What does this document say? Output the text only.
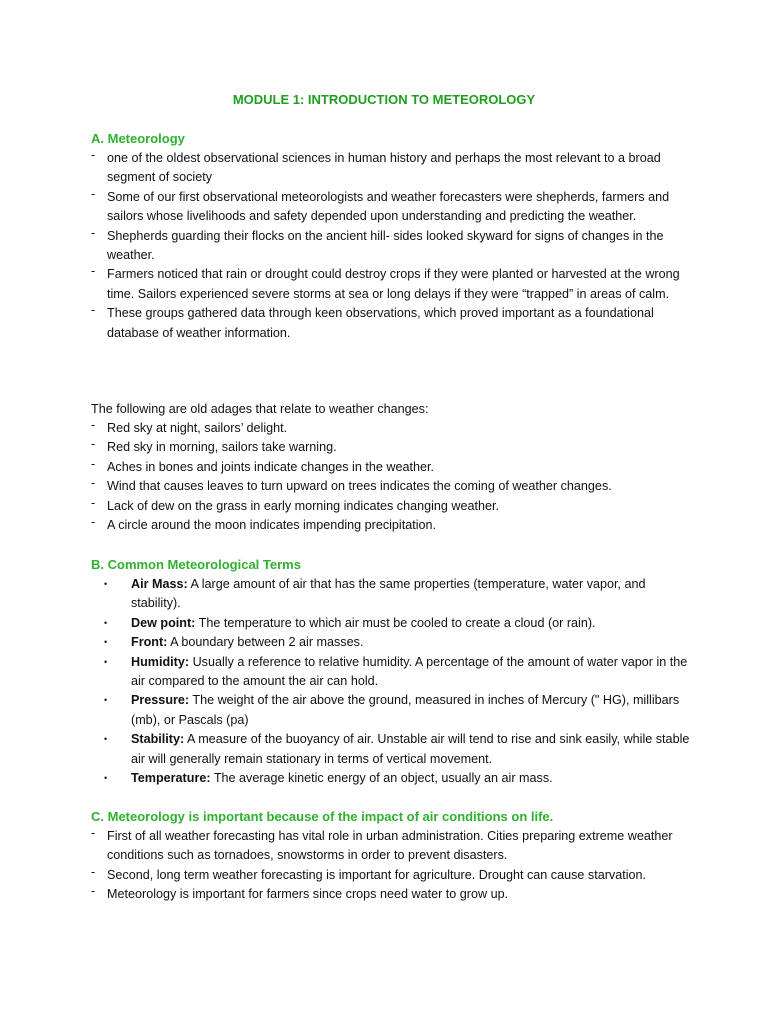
MODULE 1: INTRODUCTION TO METEOROLOGY
A. Meteorology
- one of the oldest observational sciences in human history and perhaps the most relevant to a broad segment of society
- Some of our first observational meteorologists and weather forecasters were shepherds, farmers and sailors whose livelihoods and safety depended upon understanding and predicting the weather.
- Shepherds guarding their flocks on the ancient hill- sides looked skyward for signs of changes in the weather.
- Farmers noticed that rain or drought could destroy crops if they were planted or harvested at the wrong time. Sailors experienced severe storms at sea or long delays if they were “trapped” in areas of calm.
- These groups gathered data through keen observations, which proved important as a foundational database of weather information.
The following are old adages that relate to weather changes:
- Red sky at night, sailors’ delight.
- Red sky in morning, sailors take warning.
- Aches in bones and joints indicate changes in the weather.
- Wind that causes leaves to turn upward on trees indicates the coming of weather changes.
- Lack of dew on the grass in early morning indicates changing weather.
- A circle around the moon indicates impending precipitation.
B. Common Meteorological Terms
• Air Mass: A large amount of air that has the same properties (temperature, water vapor, and stability).
• Dew point: The temperature to which air must be cooled to create a cloud (or rain).
• Front: A boundary between 2 air masses.
• Humidity: Usually a reference to relative humidity. A percentage of the amount of water vapor in the air compared to the amount the air can hold.
• Pressure: The weight of the air above the ground, measured in inches of Mercury (" HG), millibars (mb), or Pascals (pa)
• Stability: A measure of the buoyancy of air. Unstable air will tend to rise and sink easily, while stable air will generally remain stationary in terms of vertical movement.
• Temperature: The average kinetic energy of an object, usually an air mass.
C. Meteorology is important because of the impact of air conditions on life.
- First of all weather forecasting has vital role in urban administration. Cities preparing extreme weather conditions such as tornadoes, snowstorms in order to prevent disasters.
- Second, long term weather forecasting is important for agriculture. Drought can cause starvation.
- Meteorology is important for farmers since crops need water to grow up.
